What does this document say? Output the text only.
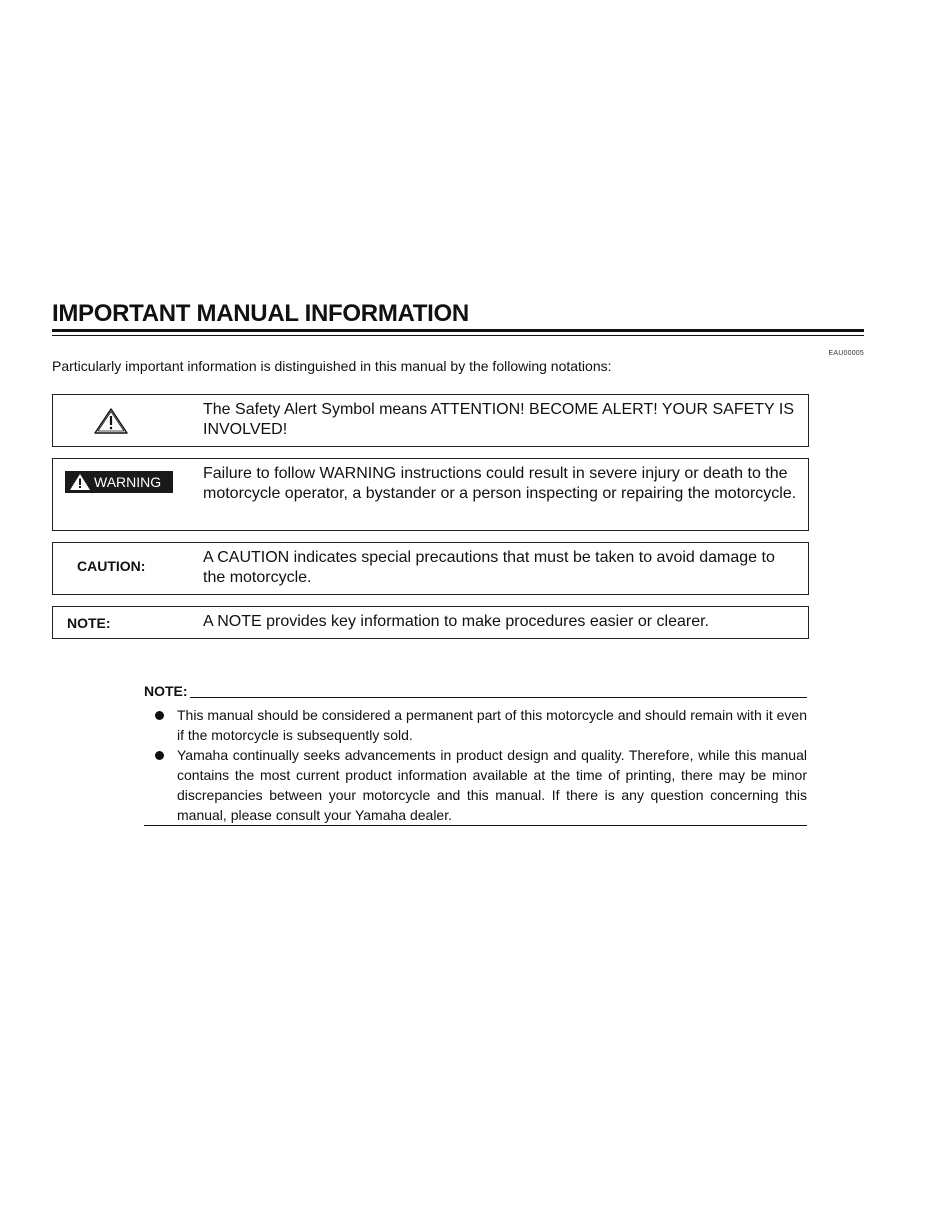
IMPORTANT MANUAL INFORMATION
EAU00005
Particularly important information is distinguished in this manual by the following notations:
The Safety Alert Symbol means ATTENTION! BECOME ALERT! YOUR SAFETY IS INVOLVED!
WARNING	Failure to follow WARNING instructions could result in severe injury or death to the motorcycle operator, a bystander or a person inspecting or repairing the motorcycle.
CAUTION:	A CAUTION indicates special precautions that must be taken to avoid damage to the motorcycle.
NOTE:	A NOTE provides key information to make procedures easier or clearer.
NOTE:
This manual should be considered a permanent part of this motorcycle and should remain with it even if the motorcycle is subsequently sold.
Yamaha continually seeks advancements in product design and quality. Therefore, while this manual contains the most current product information available at the time of printing, there may be minor discrepancies between your motorcycle and this manual. If there is any question concerning this manual, please consult your Yamaha dealer.
